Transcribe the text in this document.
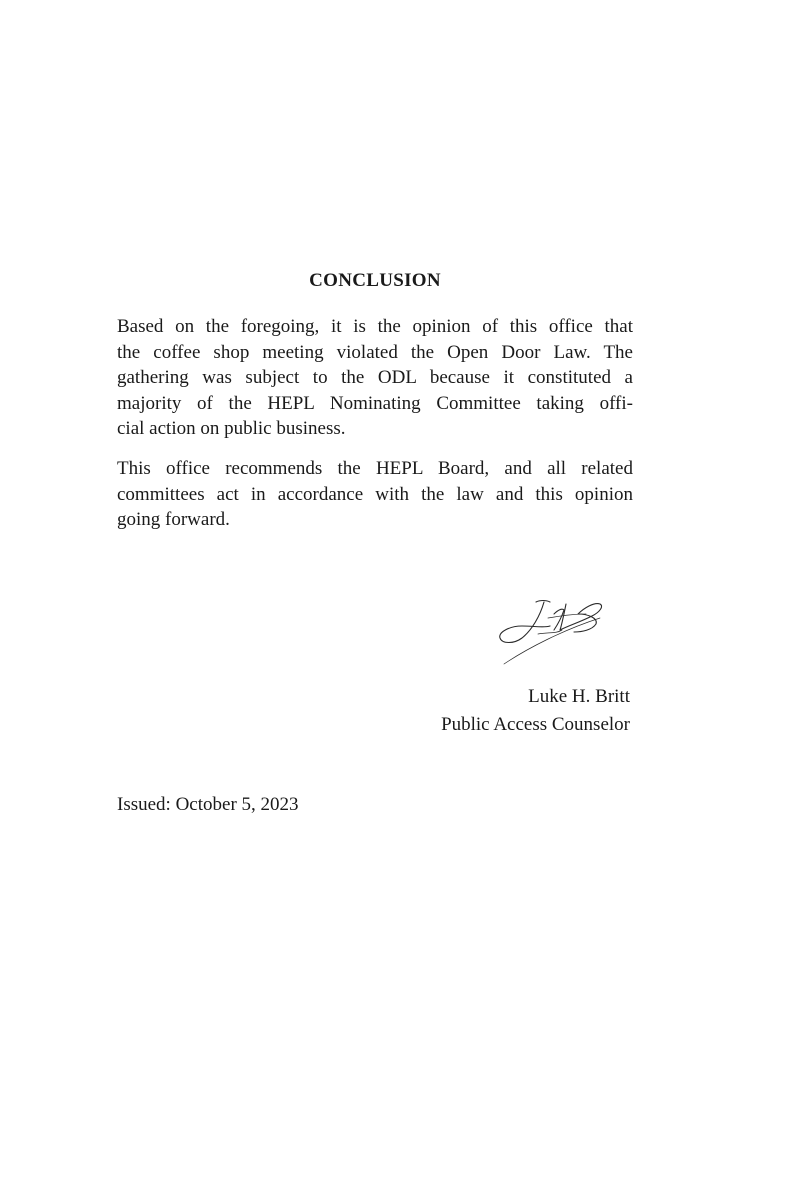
CONCLUSION
Based on the foregoing, it is the opinion of this office that
the coffee shop meeting violated the Open Door Law. The
gathering was subject to the ODL because it constituted a
majority of the HEPL Nominating Committee taking offi-
cial action on public business.
This office recommends the HEPL Board, and all related
committees act in accordance with the law and this opinion
going forward.
Luke H. Britt
Public Access Counselor
Issued: October 5, 2023
